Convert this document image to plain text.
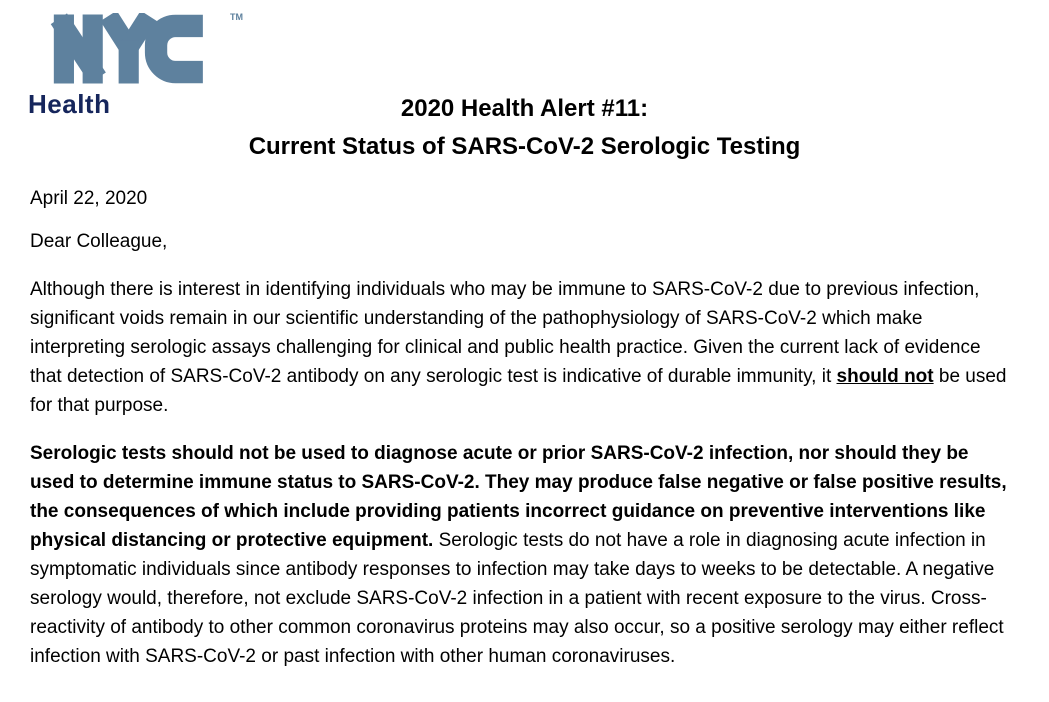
TM
Health	2020 Health Alert #11:
Current Status of SARS-CoV-2 Serologic Testing
April 22, 2020
Dear Colleague,

Although there is interest in identifying individuals who may be immune to SARS-CoV-2 due to previous infection, significant voids remain in our scientific understanding of the pathophysiology of SARS-CoV-2 which make interpreting serologic assays challenging for clinical and public health practice. Given the current lack of evidence that detection of SARS-CoV-2 antibody on any serologic test is indicative of durable immunity, it should not be used for that purpose.

Serologic tests should not be used to diagnose acute or prior SARS-CoV-2 infection, nor should they be used to determine immune status to SARS-CoV-2. They may produce false negative or false positive results, the consequences of which include providing patients incorrect guidance on preventive interventions like physical distancing or protective equipment. Serologic tests do not have a role in diagnosing acute infection in symptomatic individuals since antibody responses to infection may take days to weeks to be detectable. A negative serology would, therefore, not exclude SARS-CoV-2 infection in a patient with recent exposure to the virus. Cross-reactivity of antibody to other common coronavirus proteins may also occur, so a positive serology may either reflect infection with SARS-CoV-2 or past infection with other human coronaviruses.
